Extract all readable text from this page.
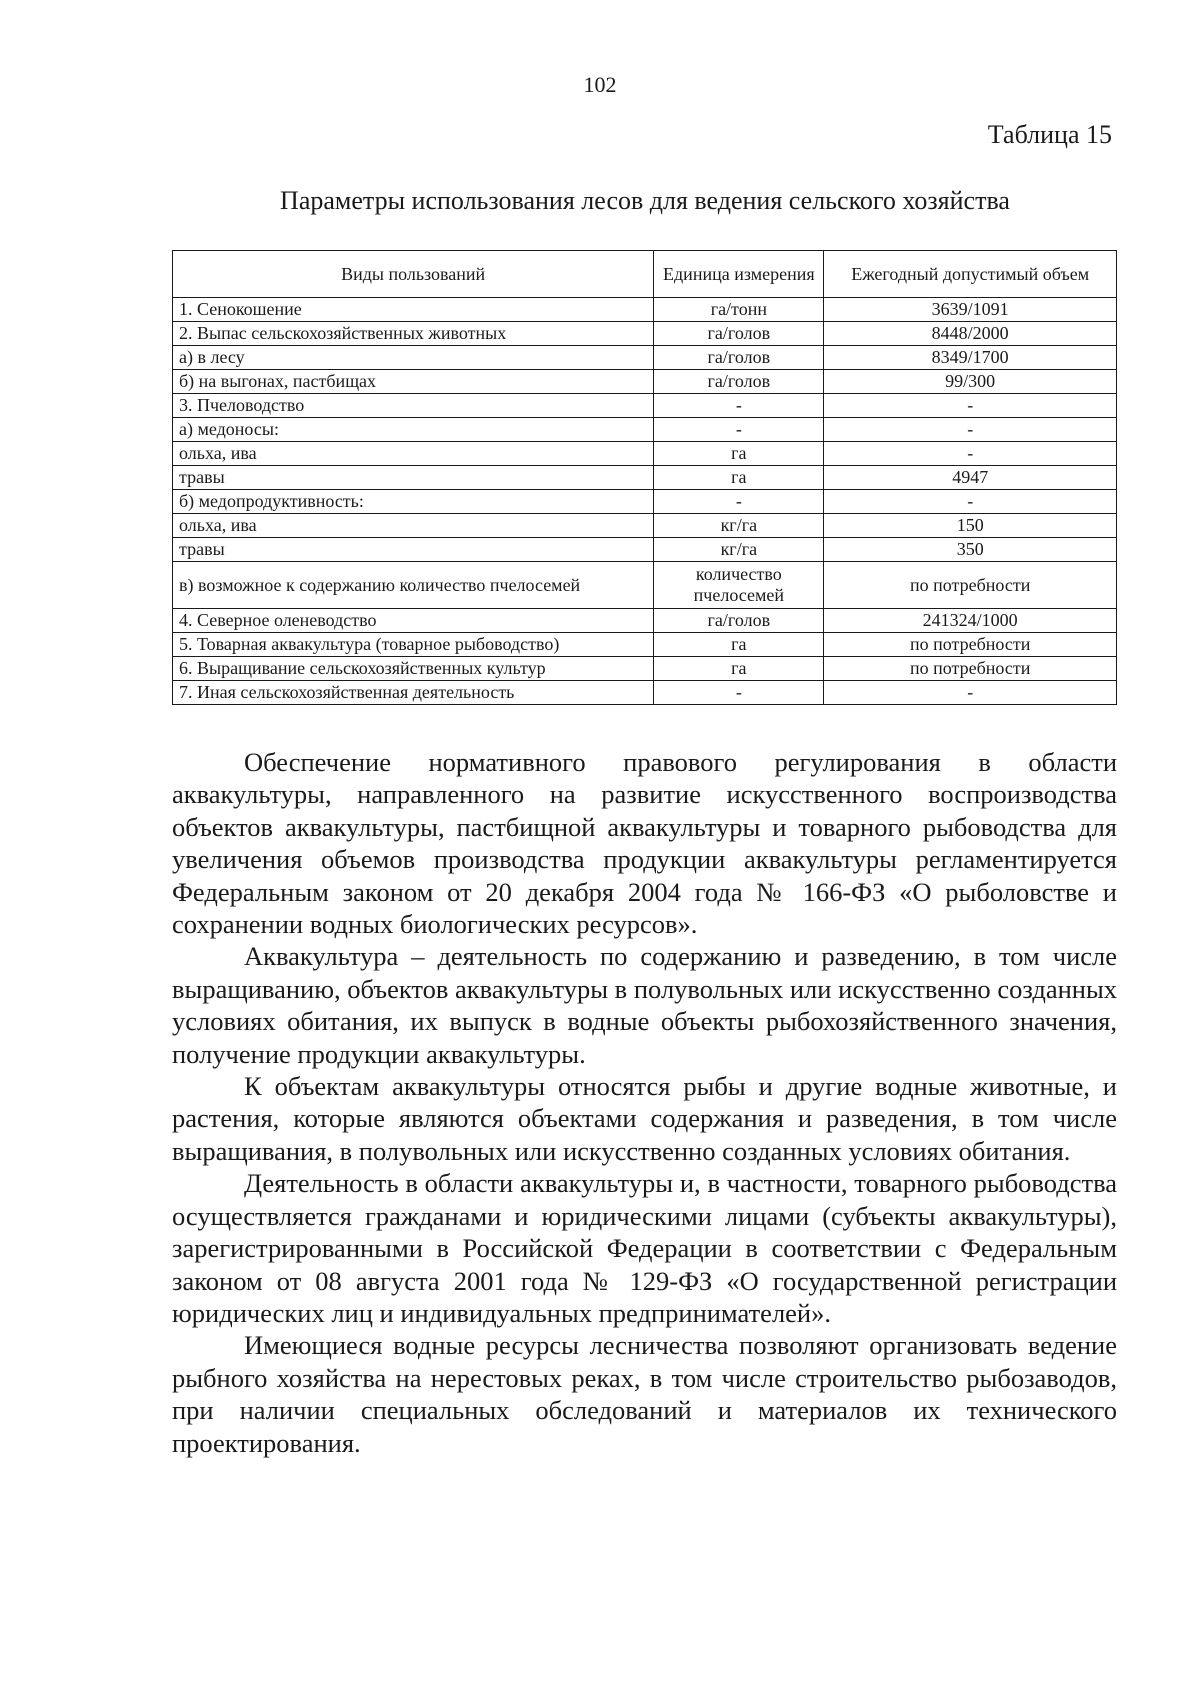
102
Таблица 15
Параметры использования лесов для ведения сельского хозяйства
Виды пользований	Единица измерения	Ежегодный допустимый объем
1. Сенокошение	га/тонн	3639/1091
2. Выпас сельскохозяйственных животных	га/голов	8448/2000
а) в лесу	га/голов	8349/1700
б) на выгонах, пастбищах	га/голов	99/300
3. Пчеловодство	-	-
а) медоносы:	-	-
ольха, ива	га	-
травы	га	4947
б) медопродуктивность:	-	-
ольха, ива	кг/га	150
травы	кг/га	350
в) возможное к содержанию количество пчелосемей	количество пчелосемей	по потребности
4. Северное оленеводство	га/голов	241324/1000
5. Товарная аквакультура (товарное рыбоводство)	га	по потребности
6. Выращивание сельскохозяйственных культур	га	по потребности
7. Иная сельскохозяйственная деятельность	-	-

Обеспечение нормативного правового регулирования в области аквакультуры, направленного на развитие искусственного воспроизводства объектов аквакультуры, пастбищной аквакультуры и товарного рыбоводства для увеличения объемов производства продукции аквакультуры регламентируется Федеральным законом от 20 декабря 2004 года № 166-ФЗ «О рыболовстве и сохранении водных биологических ресурсов».

Аквакультура – деятельность по содержанию и разведению, в том числе выращиванию, объектов аквакультуры в полувольных или искусственно созданных условиях обитания, их выпуск в водные объекты рыбохозяйственного значения, получение продукции аквакультуры.

К объектам аквакультуры относятся рыбы и другие водные животные, и растения, которые являются объектами содержания и разведения, в том числе выращивания, в полувольных или искусственно созданных условиях обитания.

Деятельность в области аквакультуры и, в частности, товарного рыбоводства осуществляется гражданами и юридическими лицами (субъекты аквакультуры), зарегистрированными в Российской Федерации в соответствии с Федеральным законом от 08 августа 2001 года № 129-ФЗ «О государственной регистрации юридических лиц и индивидуальных предпринимателей».

Имеющиеся водные ресурсы лесничества позволяют организовать ведение рыбного хозяйства на нерестовых реках, в том числе строительство рыбозаводов, при наличии специальных обследований и материалов их технического проектирования.
